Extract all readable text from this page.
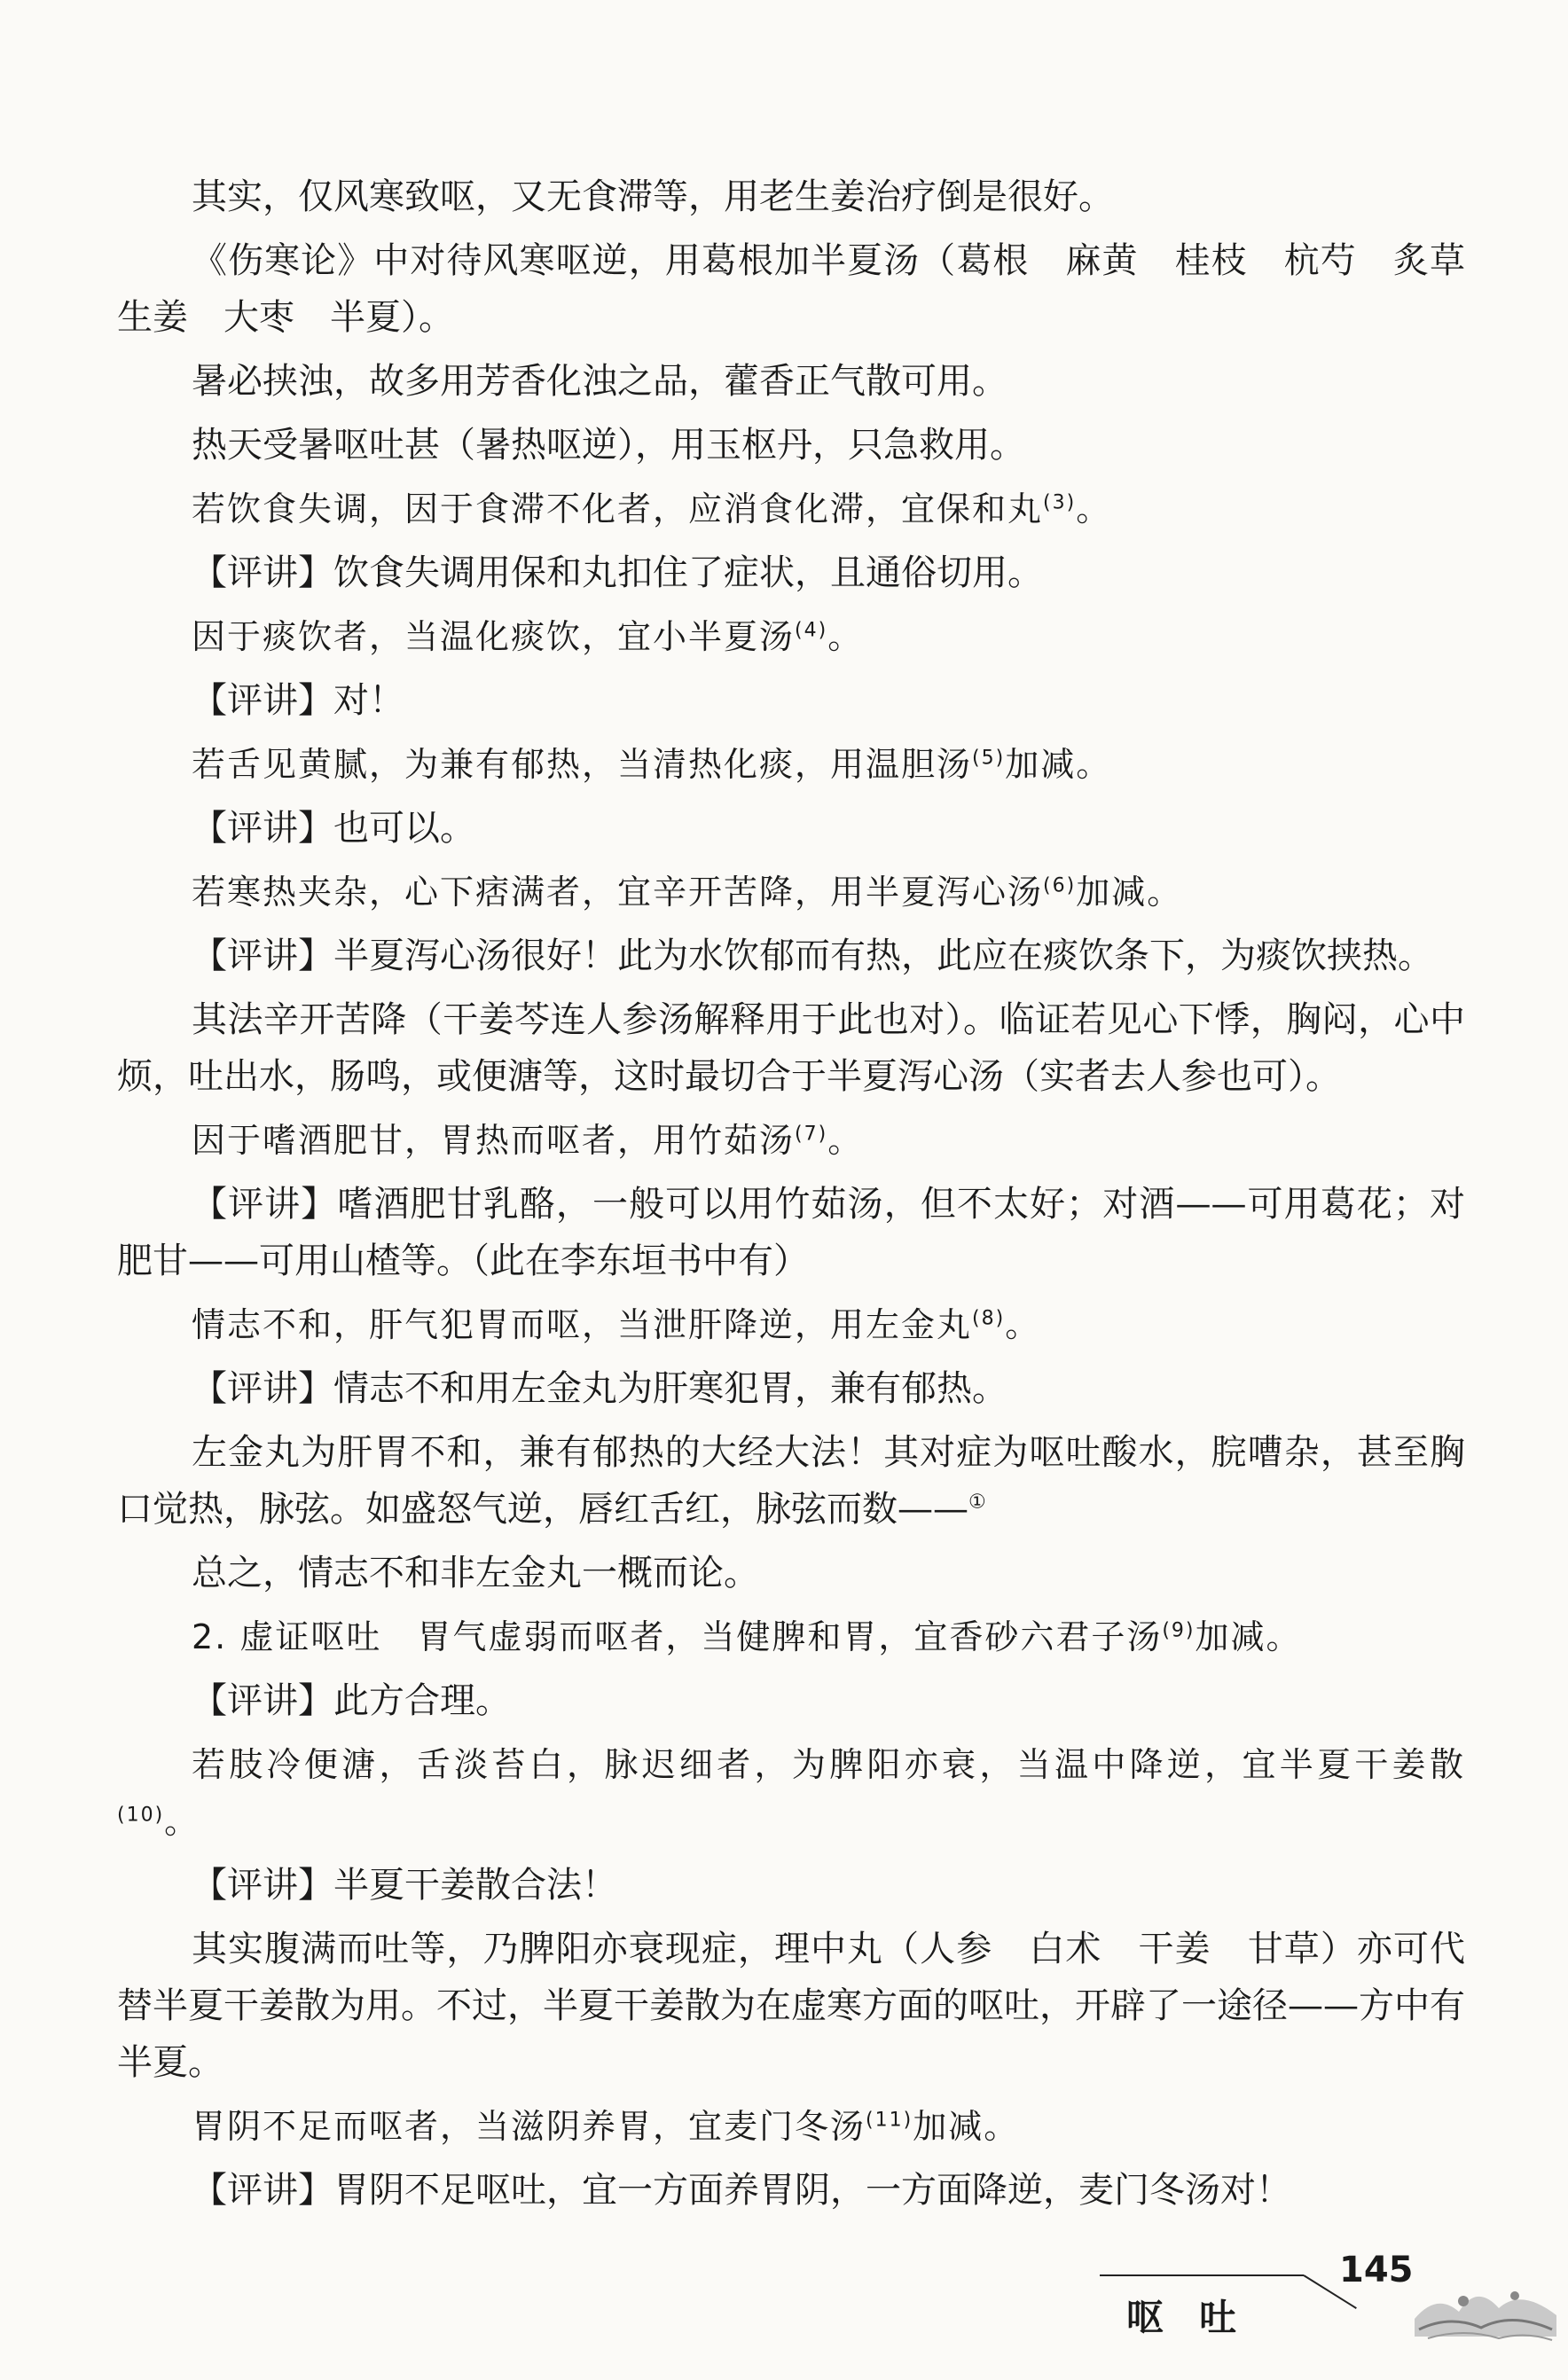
其实，仅风寒致呕，又无食滞等，用老生姜治疗倒是很好。

《伤寒论》中对待风寒呕逆，用葛根加半夏汤（葛根　麻黄　桂枝　杭芍　炙草　生姜　大枣　半夏）。

暑必挟浊，故多用芳香化浊之品，藿香正气散可用。

热天受暑呕吐甚（暑热呕逆），用玉枢丹，只急救用。

若饮食失调，因于食滞不化者，应消食化滞，宜保和丸$^{(3)}$。

【评讲】饮食失调用保和丸扣住了症状，且通俗切用。

因于痰饮者，当温化痰饮，宜小半夏汤$^{(4)}$。

【评讲】对！

若舌见黄腻，为兼有郁热，当清热化痰，用温胆汤$^{(5)}$加减。

【评讲】也可以。

若寒热夹杂，心下痞满者，宜辛开苦降，用半夏泻心汤$^{(6)}$加减。

【评讲】半夏泻心汤很好！此为水饮郁而有热，此应在痰饮条下，为痰饮挟热。

其法辛开苦降（干姜芩连人参汤解释用于此也对）。临证若见心下悸，胸闷，心中烦，吐出水，肠鸣，或便溏等，这时最切合于半夏泻心汤（实者去人参也可）。

因于嗜酒肥甘，胃热而呕者，用竹茹汤$^{(7)}$。

【评讲】嗜酒肥甘乳酪，一般可以用竹茹汤，但不太好；对酒——可用葛花；对肥甘——可用山楂等。（此在李东垣书中有）

情志不和，肝气犯胃而呕，当泄肝降逆，用左金丸$^{(8)}$。

【评讲】情志不和用左金丸为肝寒犯胃，兼有郁热。

左金丸为肝胃不和，兼有郁热的大经大法！其对症为呕吐酸水，脘嘈杂，甚至胸口觉热，脉弦。如盛怒气逆，唇红舌红，脉弦而数——①

总之，情志不和非左金丸一概而论。

2. 虚证呕吐　胃气虚弱而呕者，当健脾和胃，宜香砂六君子汤$^{(9)}$加减。

【评讲】此方合理。

若肢冷便溏，舌淡苔白，脉迟细者，为脾阳亦衰，当温中降逆，宜半夏干姜散$^{(10)}$。

【评讲】半夏干姜散合法！

其实腹满而吐等，乃脾阳亦衰现症，理中丸（人参　白术　干姜　甘草）亦可代替半夏干姜散为用。不过，半夏干姜散为在虚寒方面的呕吐，开辟了一途径——方中有半夏。

胃阴不足而呕者，当滋阴养胃，宜麦门冬汤$^{(11)}$加减。

【评讲】胃阴不足呕吐，宜一方面养胃阴，一方面降逆，麦门冬汤对！

145
呕吐
